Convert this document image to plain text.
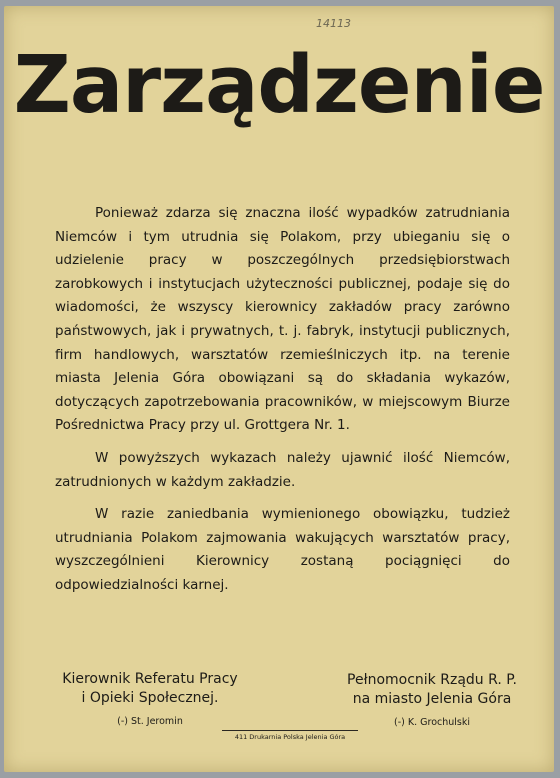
14113
Zarządzenie

Ponieważ zdarza się znaczna ilość wypadków zatrudniania Niemców i tym utrudnia się Polakom, przy ubieganiu się o udzielenie pracy w poszczególnych przedsiębiorstwach zarobkowych i instytucjach użyteczności publicznej, podaje się do wiadomości, że wszyscy kierownicy zakładów pracy zarówno państwowych, jak i prywatnych, t. j. fabryk, instytucji publicznych, firm handlowych, warsztatów rzemieślniczych itp. na terenie miasta Jelenia Góra obowiązani są do składania wykazów, dotyczących zapotrzebowania pracowników, w miejscowym Biurze Pośrednictwa Pracy przy ul. Grottgera Nr. 1.

W powyższych wykazach należy ujawnić ilość Niemców, zatrudnionych w każdym zakładzie.

W razie zaniedbania wymienionego obowiązku, tudzież utrudniania Polakom zajmowania wakujących warsztatów pracy, wyszczególnieni Kierownicy zostaną pociągnięci do odpowiedzialności karnej.

Kierownik Referatu Pracy
i Opieki Społecznej.
(-) St. Jeromin
Pełnomocnik Rządu R. P.
na miasto Jelenia Góra
(-) K. Grochulski
411 Drukarnia Polska Jelenia Góra
